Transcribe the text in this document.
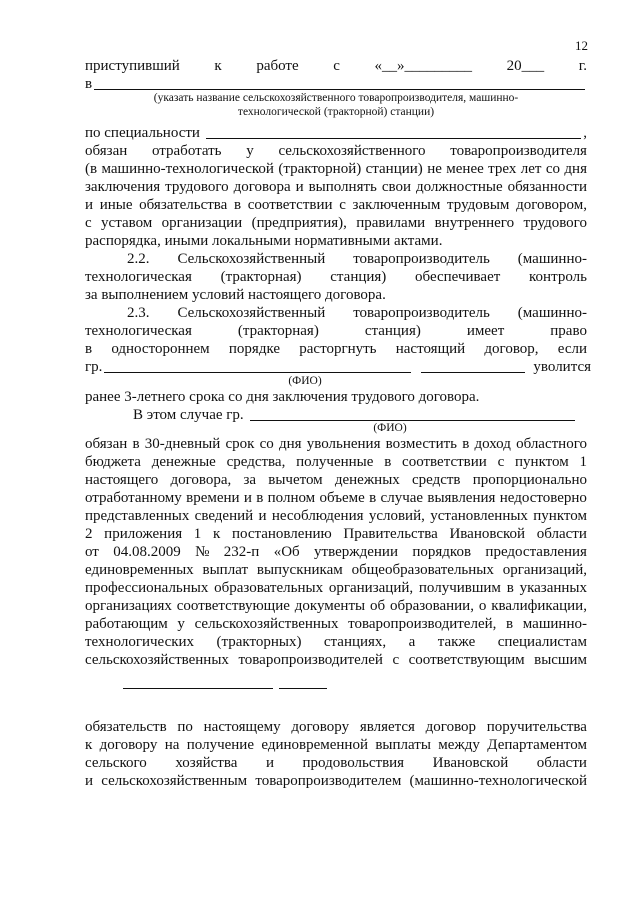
12
приступивший к работе с «__»_________ 20___ г.
в
(указать название сельскохозяйственного товаропроизводителя, машинно-
технологической (тракторной) станции)
по специальности	,
обязан отработать у сельскохозяйственного товаропроизводителя
(в машинно-технологической (тракторной) станции) не менее трех лет со дня
заключения трудового договора и выполнять свои должностные обязанности
и иные обязательства в соответствии с заключенным трудовым договором,
с уставом организации (предприятия), правилами внутреннего трудового
распорядка, иными локальными нормативными актами.
2.2. Сельскохозяйственный товаропроизводитель (машинно-
технологическая (тракторная) станция) обеспечивает контроль
за выполнением условий настоящего договора.
2.3. Сельскохозяйственный товаропроизводитель (машинно-
технологическая	(тракторная)	станция)	имеет	право
в одностороннем порядке расторгнуть настоящий договор, если
гр.	уволится
(ФИО)
ранее 3-летнего срока со дня заключения трудового договора.
В этом случае гр.
(ФИО)
обязан в 30-дневный срок со дня увольнения возместить в доход областного
бюджета денежные средства, полученные в соответствии с пунктом 1
настоящего договора, за вычетом денежных средств пропорционально
отработанному времени и в полном объеме в случае выявления недостоверно
представленных сведений и несоблюдения условий, установленных пунктом
2 приложения 1 к постановлению Правительства Ивановской области
от 04.08.2009 № 232-п «Об утверждении порядков предоставления
единовременных выплат выпускникам общеобразовательных организаций,
профессиональных образовательных организаций, получившим в указанных
организациях соответствующие документы об образовании, о квалификации,
работающим у сельскохозяйственных товаропроизводителей, в машинно-
технологических (тракторных) станциях, а также специалистам
сельскохозяйственных товаропроизводителей с соответствующим высшим
обязательств по настоящему договору является договор поручительства
к договору на получение единовременной выплаты между Департаментом
сельского хозяйства и продовольствия Ивановской области
и сельскохозяйственным товаропроизводителем (машинно-технологической
